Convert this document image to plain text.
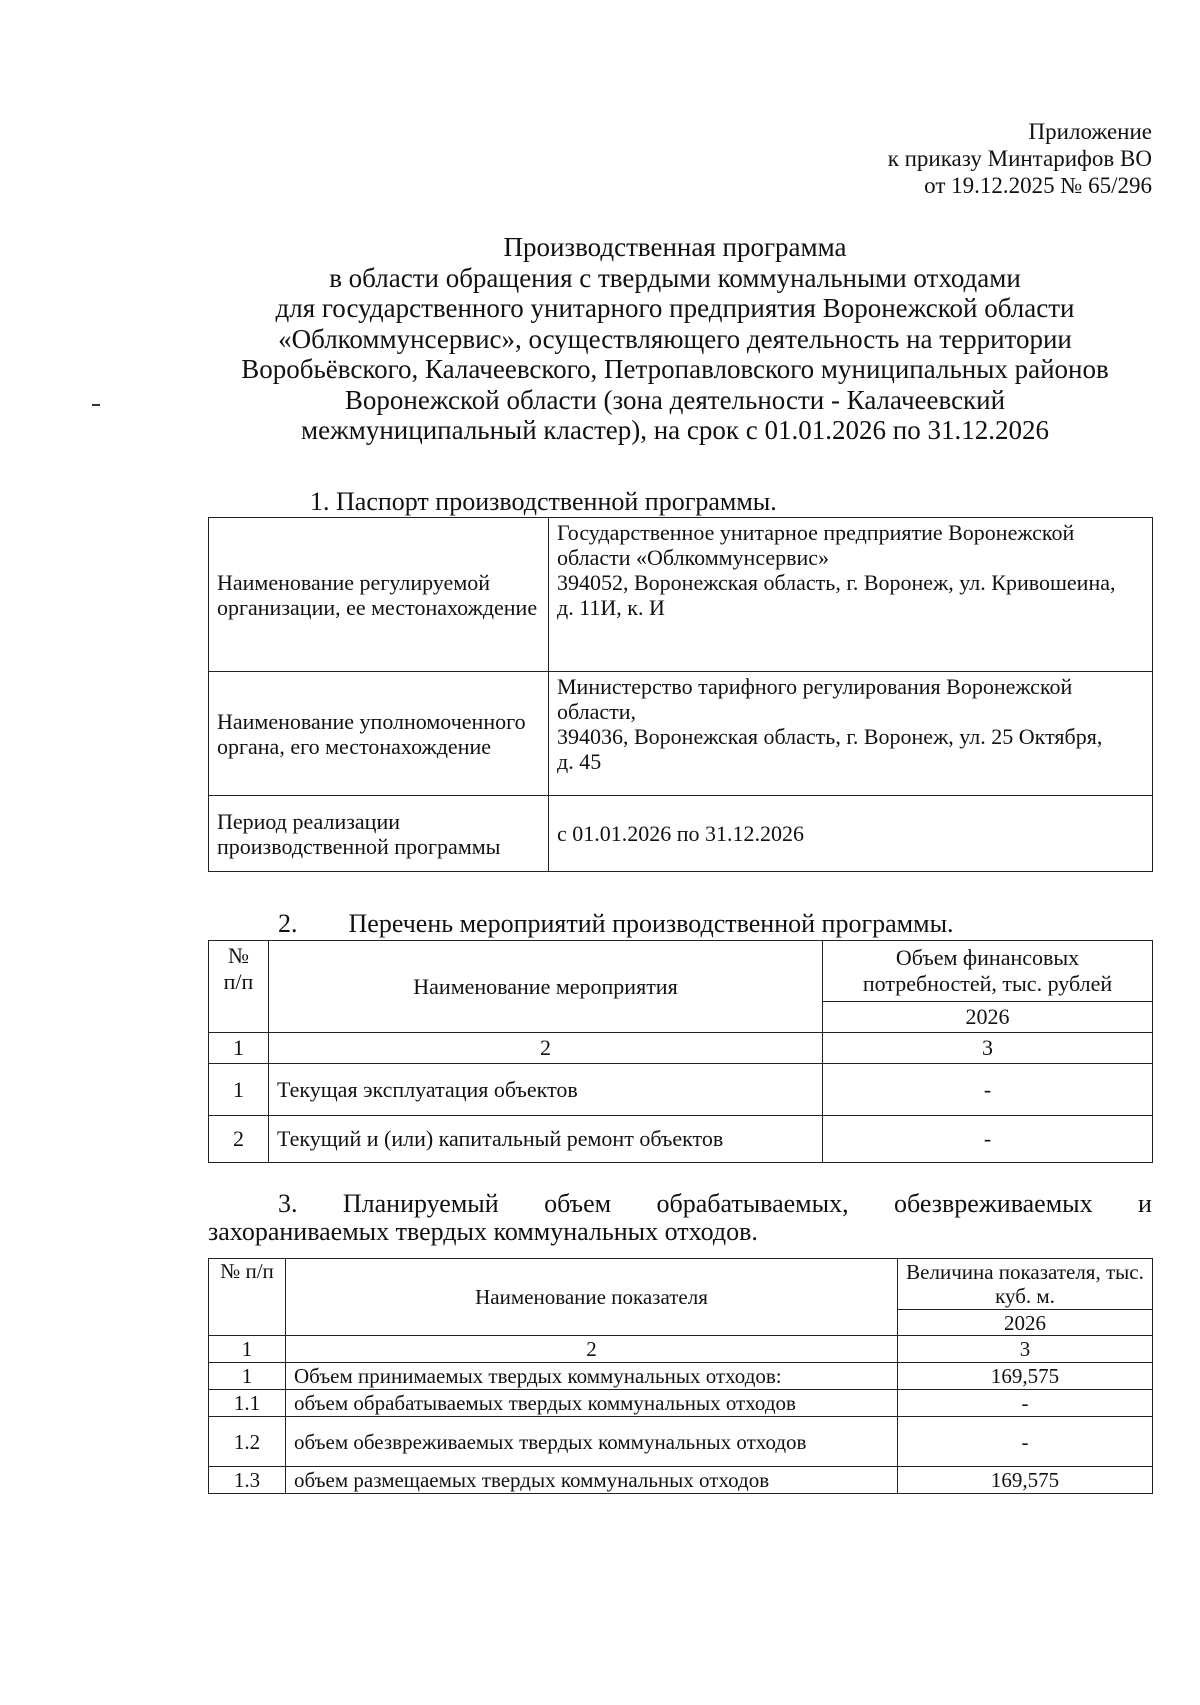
Приложение
к приказу Минтарифов ВО
от 19.12.2025 № 65/296
Производственная программа
в области обращения с твердыми коммунальными отходами
для государственного унитарного предприятия Воронежской области
«Облкоммунсервис», осуществляющего деятельность на территории
Воробьёвского, Калачеевского, Петропавловского муниципальных районов
Воронежской области (зона деятельности - Калачеевский
межмуниципальный кластер), на срок с 01.01.2026 по 31.12.2026
1. Паспорт производственной программы.
Наименование регулируемой организации, ее местонахождение	Государственное унитарное предприятие Воронежской области «Облкоммунсервис»
394052, Воронежская область, г. Воронеж, ул. Кривошеина,
д. 11И, к. И

Наименование уполномоченного органа, его местонахождение	Министерство тарифного регулирования Воронежской области,
394036, Воронежская область, г. Воронеж, ул. 25 Октября,
д. 45

Период реализации производственной программы	с 01.01.2026 по 31.12.2026
2. Перечень мероприятий производственной программы.
№ п/п	Наименование мероприятия	Объем финансовых потребностей, тыс. рублей
		2026
1	2	3
1	Текущая эксплуатация объектов	-
2	Текущий и (или) капитальный ремонт объектов	-
3. Планируемый объем обрабатываемых, обезвреживаемых и
захораниваемых твердых коммунальных отходов.
№ п/п	Наименование показателя	Величина показателя, тыс. куб. м.
		2026
1	2	3
1	Объем принимаемых твердых коммунальных отходов:	169,575
1.1	объем обрабатываемых твердых коммунальных отходов	-
1.2	объем обезвреживаемых твердых коммунальных отходов	-
1.3	объем размещаемых твердых коммунальных отходов	169,575
